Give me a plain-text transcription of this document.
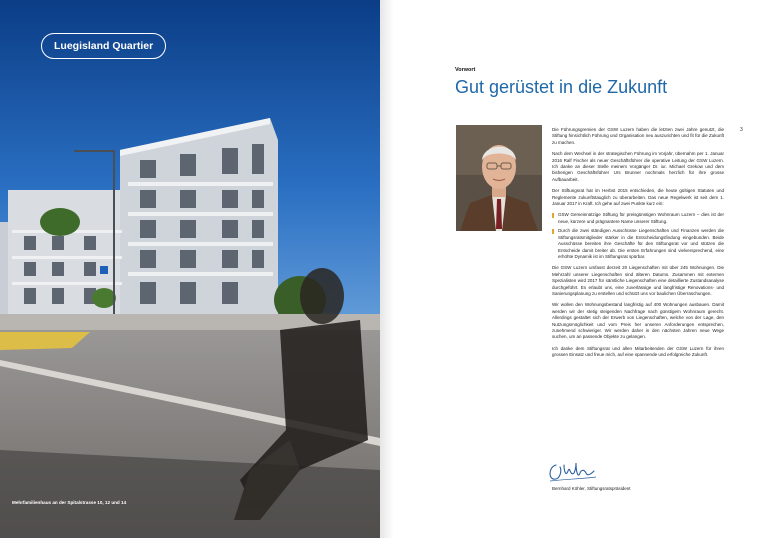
Luegisland Quartier
Mehrfamilienhaus an der Spitalstrasse 10, 12 und 14
Vorwort
Gut gerüstet in die Zukunft
3

Die Führungsgremien der GSW Luzern haben die letzten zwei Jahre genutzt, die Stiftung hinsichtlich Führung und Organisation neu auszurichten und fit für die Zukunft zu machen.

Nach dem Wechsel in der strategischen Führung im Vorjahr, übernahm per 1. Januar 2016 Ralf Fischer als neuer Geschäftsführer die operative Leitung der GSW Luzern. Ich danke an dieser Stelle meinem Vorgänger Dr. iur. Michael Grekow und dem bisherigen Geschäftsführer Urs Brunner nochmals herzlich für ihre grosse Aufbauarbeit.

Der Stiftungsrat hat im Herbst 2015 entschieden, die heute gültigen Statuten und Reglemente zukunftstauglich zu überarbeiten. Das neue Regelwerk ist seit dem 1. Januar 2017 in Kraft. Ich gehe auf zwei Punkte kurz ein:

GSW Gemeinnützige Stiftung für preisgünstigen Wohnraum Luzern – dies ist der neue, kürzere und prägnantere Name unserer Stiftung.
Durch die zwei ständigen Ausschüsse Liegenschaften und Finanzen werden die Stiftungsratsmitglieder stärker in die Entscheidungsfindung eingebunden. Beide Ausschüsse bereiten ihre Geschäfte für den Stiftungsrat vor und stützen die Entscheide damit breiter ab. Die ersten Erfahrungen sind vielversprechend, eine erhöhte Dynamik ist im Stiftungsrat spürbar.

Die GSW Luzern umfasst derzeit 20 Liegenschaften mit über 245 Wohnungen. Die Mehrzahl unserer Liegenschaften sind älteren Datums. Zusammen mit externen Spezialisten wird 2017 für sämtliche Liegenschaften eine detaillierte Zustandsanalyse durchgeführt. Es erlaubt uns, eine zuverlässige und langfristige Renovations- und Sanierungsplanung zu erstellen und schützt uns vor baulichen Überraschungen.

Wir wollen den Wohnungsbestand langfristig auf 400 Wohnungen ausbauen. Damit werden wir der stetig steigenden Nachfrage nach günstigem Wohnraum gerecht. Allerdings gestaltet sich der Erwerb von Liegenschaften, welche von der Lage, den Nutzungsmöglichkeit und vom Preis her unseren Anforderungen entsprechen, zunehmend schwieriger. Wir werden daher in den nächsten Jahren neue Wege suchen, um an passende Objekte zu gelangen.

Ich danke dem Stiftungsrat und allen Mitarbeitenden der GSW Luzern für ihren grossen Einsatz und freue mich, auf eine spannende und erfolgreiche Zukunft.

Bernhard Köhler, Stiftungsratspräsident
